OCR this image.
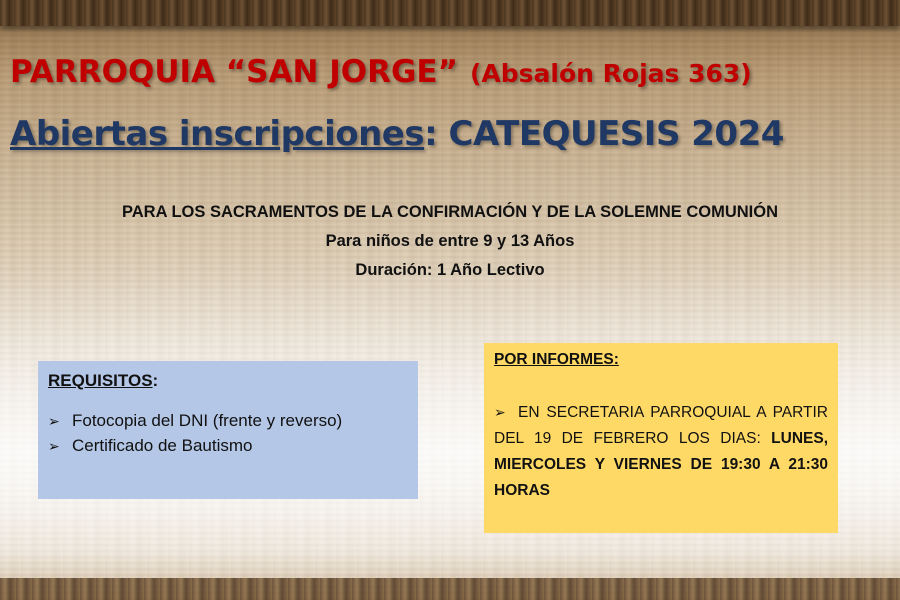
PARROQUIA “SAN JORGE” (Absalón Rojas 363)
Abiertas inscripciones: CATEQUESIS 2024
PARA LOS SACRAMENTOS DE LA CONFIRMACIÓN Y DE LA SOLEMNE COMUNIÓN
Para niños de entre 9 y 13 Años
Duración: 1 Año Lectivo
REQUISITOS:
➢ Fotocopia del DNI (frente y reverso)
➢ Certificado de Bautismo
POR INFORMES:
➢ EN SECRETARIA PARROQUIAL A PARTIR DEL 19 DE FEBRERO LOS DIAS: LUNES, MIERCOLES Y VIERNES DE 19:30 A 21:30 HORAS
